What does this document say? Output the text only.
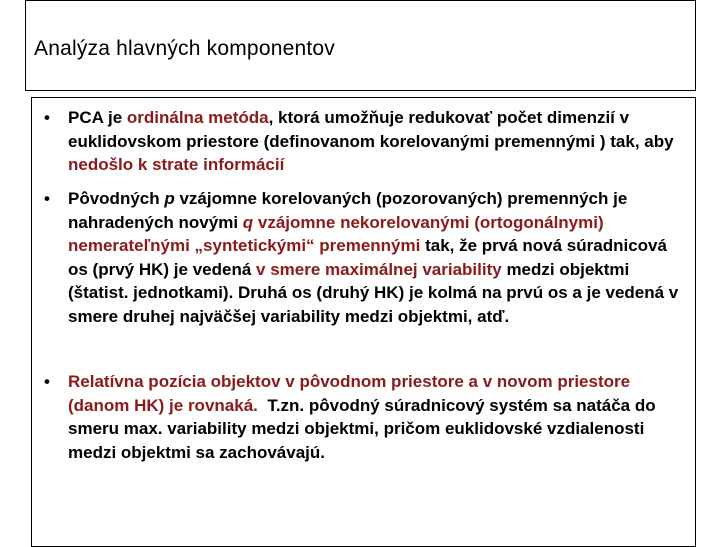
Analýza hlavných komponentov
• PCA je ordinálna metóda, ktorá umožňuje redukovať počet dimenzií v euklidovskom priestore (definovanom korelovanými premennými ) tak, aby nedošlo k strate informácií
• Pôvodných p vzájomne korelovaných (pozorovaných) premenných je nahradených novými q vzájomne nekorelovanými (ortogonálnymi) nemerateľnými „syntetickými“ premennými tak, že prvá nová súradnicová os (prvý HK) je vedená v smere maximálnej variability medzi objektmi (štatist. jednotkami). Druhá os (druhý HK) je kolmá na prvú os a je vedená v smere druhej najväčšej variability medzi objektmi, atď.
• Relatívna pozícia objektov v pôvodnom priestore a v novom priestore (danom HK) je rovnaká.  T.zn. pôvodný súradnicový systém sa natáča do smeru max. variability medzi objektmi, pričom euklidovské vzdialenosti medzi objektmi sa zachovávajú.
